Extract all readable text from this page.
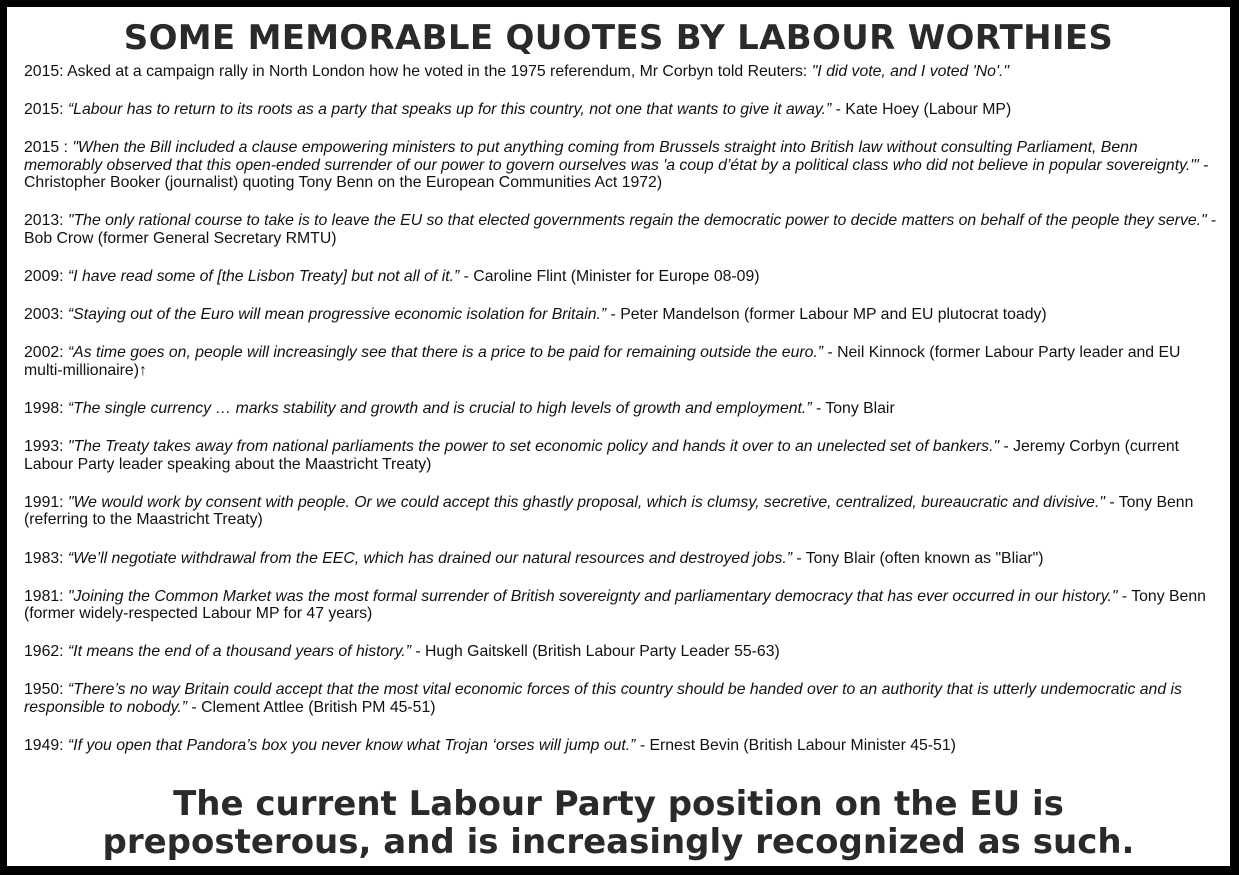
SOME MEMORABLE QUOTES BY LABOUR WORTHIES

2015: Asked at a campaign rally in North London how he voted in the 1975 referendum, Mr Corbyn told Reuters: "I did vote, and I voted 'No'."

2015: “Labour has to return to its roots as a party that speaks up for this country, not one that wants to give it away.” - Kate Hoey (Labour MP)

2015 : "When the Bill included a clause empowering ministers to put anything coming from Brussels straight into British law without consulting Parliament, Benn memorably observed that this open-ended surrender of our power to govern ourselves was 'a coup d’état by a political class who did not believe in popular sovereignty."' - Christopher Booker (journalist) quoting Tony Benn on the European Communities Act 1972)

2013: "The only rational course to take is to leave the EU so that elected governments regain the democratic power to decide matters on behalf of the people they serve." - Bob Crow (former General Secretary RMTU)

2009: “I have read some of [the Lisbon Treaty] but not all of it.” - Caroline Flint (Minister for Europe 08-09)

2003: “Staying out of the Euro will mean progressive economic isolation for Britain.” - Peter Mandelson (former Labour MP and EU plutocrat toady)

2002: “As time goes on, people will increasingly see that there is a price to be paid for remaining outside the euro.” - Neil Kinnock (former Labour Party leader and EU multi-millionaire)↑

1998: “The single currency … marks stability and growth and is crucial to high levels of growth and employment.” - Tony Blair

1993: "The Treaty takes away from national parliaments the power to set economic policy and hands it over to an unelected set of bankers." - Jeremy Corbyn (current Labour Party leader speaking about the Maastricht Treaty)

1991: "We would work by consent with people. Or we could accept this ghastly proposal, which is clumsy, secretive, centralized, bureaucratic and divisive." - Tony Benn (referring to the Maastricht Treaty)

1983: “We’ll negotiate withdrawal from the EEC, which has drained our natural resources and destroyed jobs.” - Tony Blair (often known as "Bliar")

1981: "Joining the Common Market was the most formal surrender of British sovereignty and parliamentary democracy that has ever occurred in our history." - Tony Benn (former widely-respected Labour MP for 47 years)

1962: “It means the end of a thousand years of history.” - Hugh Gaitskell (British Labour Party Leader 55-63)

1950: “There’s no way Britain could accept that the most vital economic forces of this country should be handed over to an authority that is utterly undemocratic and is responsible to nobody.” - Clement Attlee (British PM 45-51)

1949: “If you open that Pandora’s box you never know what Trojan ‘orses will jump out.” - Ernest Bevin (British Labour Minister 45-51)

The current Labour Party position on the EU is
preposterous, and is increasingly recognized as such.
